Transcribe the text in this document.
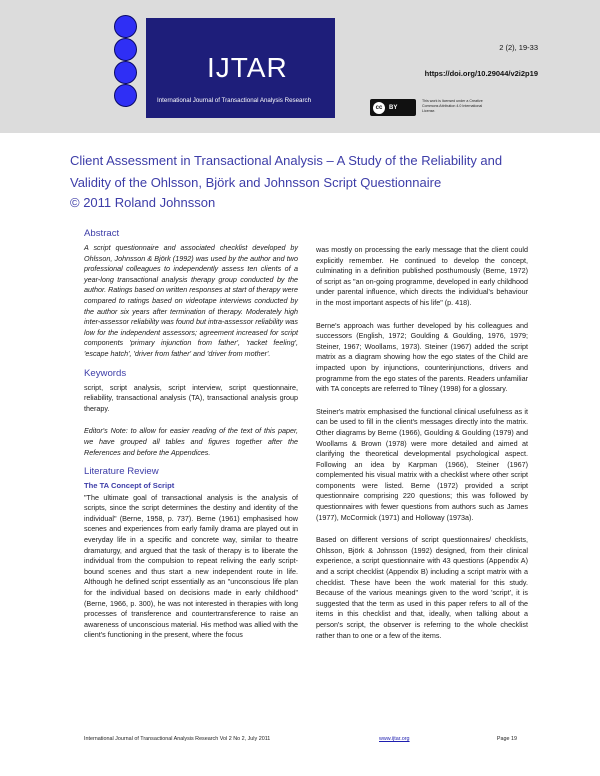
IJTAR
International Journal of Transactional Analysis Research
2 (2), 19-33
https://doi.org/10.29044/v2i2p19
cc	BY
This work is licensed under a Creative Commons Attribution 4.0 International License.
Client Assessment in Transactional Analysis – A Study of the Reliability and Validity of the Ohlsson, Björk and Johnsson Script Questionnaire
© 2011 Roland Johnsson
Abstract

A script questionnaire and associated checklist developed by Ohlsson, Johnsson & Björk (1992) was used by the author and two professional colleagues to independently assess ten clients of a year-long transactional analysis therapy group conducted by the author. Ratings based on written responses at start of therapy were compared to ratings based on videotape interviews conducted by the author six years after termination of therapy. Moderately high inter-assessor reliability was found but intra-assessor reliability was low for the independent assessors; agreement increased for script components 'primary injunction from father', 'racket feeling', 'escape hatch', 'driver from father' and 'driver from mother'.

Keywords

script, script analysis, script interview, script questionnaire, reliability, transactional analysis (TA), transactional analysis group therapy.

Editor's Note: to allow for easier reading of the text of this paper, we have grouped all tables and figures together after the References and before the Appendices.

Literature Review
The TA Concept of Script

"The ultimate goal of transactional analysis is the analysis of scripts, since the script determines the destiny and identity of the individual" (Berne, 1958, p. 737). Berne (1961) emphasised how scenes and experiences from early family drama are played out in everyday life in a specific and concrete way, similar to theatre dramaturgy, and argued that the task of therapy is to liberate the individual from the compulsion to repeat reliving the early script-bound scenes and thus start a new independent route in life. Although he defined script essentially as an "unconscious life plan for the individual based on decisions made in early childhood" (Berne, 1966, p. 300), he was not interested in therapies with long processes of transference and countertransference to raise an awareness of unconscious material. His method was allied with the client's functioning in the present, where the focus

was mostly on processing the early message that the client could explicitly remember. He continued to develop the concept, culminating in a definition published posthumously (Berne, 1972) of script as "an on-going programme, developed in early childhood under parental influence, which directs the individual's behaviour in the most important aspects of his life" (p. 418).

Berne's approach was further developed by his colleagues and successors (English, 1972; Goulding & Goulding, 1976, 1979; Steiner, 1967; Woollams, 1973). Steiner (1967) added the script matrix as a diagram showing how the ego states of the Child are impacted upon by injunctions, counterinjunctions, drivers and programme from the ego states of the parents. Readers unfamiliar with TA concepts are referred to Tilney (1998) for a glossary.

Steiner's matrix emphasised the functional clinical usefulness as it can be used to fill in the client's messages directly into the matrix. Other diagrams by Berne (1966), Goulding & Goulding (1979) and Woollams & Brown (1978) were more detailed and aimed at clarifying the theoretical developmental psychological aspect. Following an idea by Karpman (1966), Steiner (1967) complemented his visual matrix with a checklist where other script components were listed. Berne (1972) provided a script questionnaire comprising 220 questions; this was followed by questionnaires with fewer questions from authors such as James (1977), McCormick (1971) and Holloway (1973a).

Based on different versions of script questionnaires/ checklists, Ohlsson, Björk & Johnsson (1992) designed, from their clinical experience, a script questionnaire with 43 questions (Appendix A) and a script checklist (Appendix B) including a script matrix with a checklist. These have been the work material for this study. Because of the various meanings given to the word 'script', it is suggested that the term as used in this paper refers to all of the items in this checklist and that, ideally, when talking about a person's script, the observer is referring to the whole checklist rather than to one or a few of the items.

International Journal of Transactional Analysis Research Vol 2 No 2, July 2011	www.ijtar.org	Page 19
